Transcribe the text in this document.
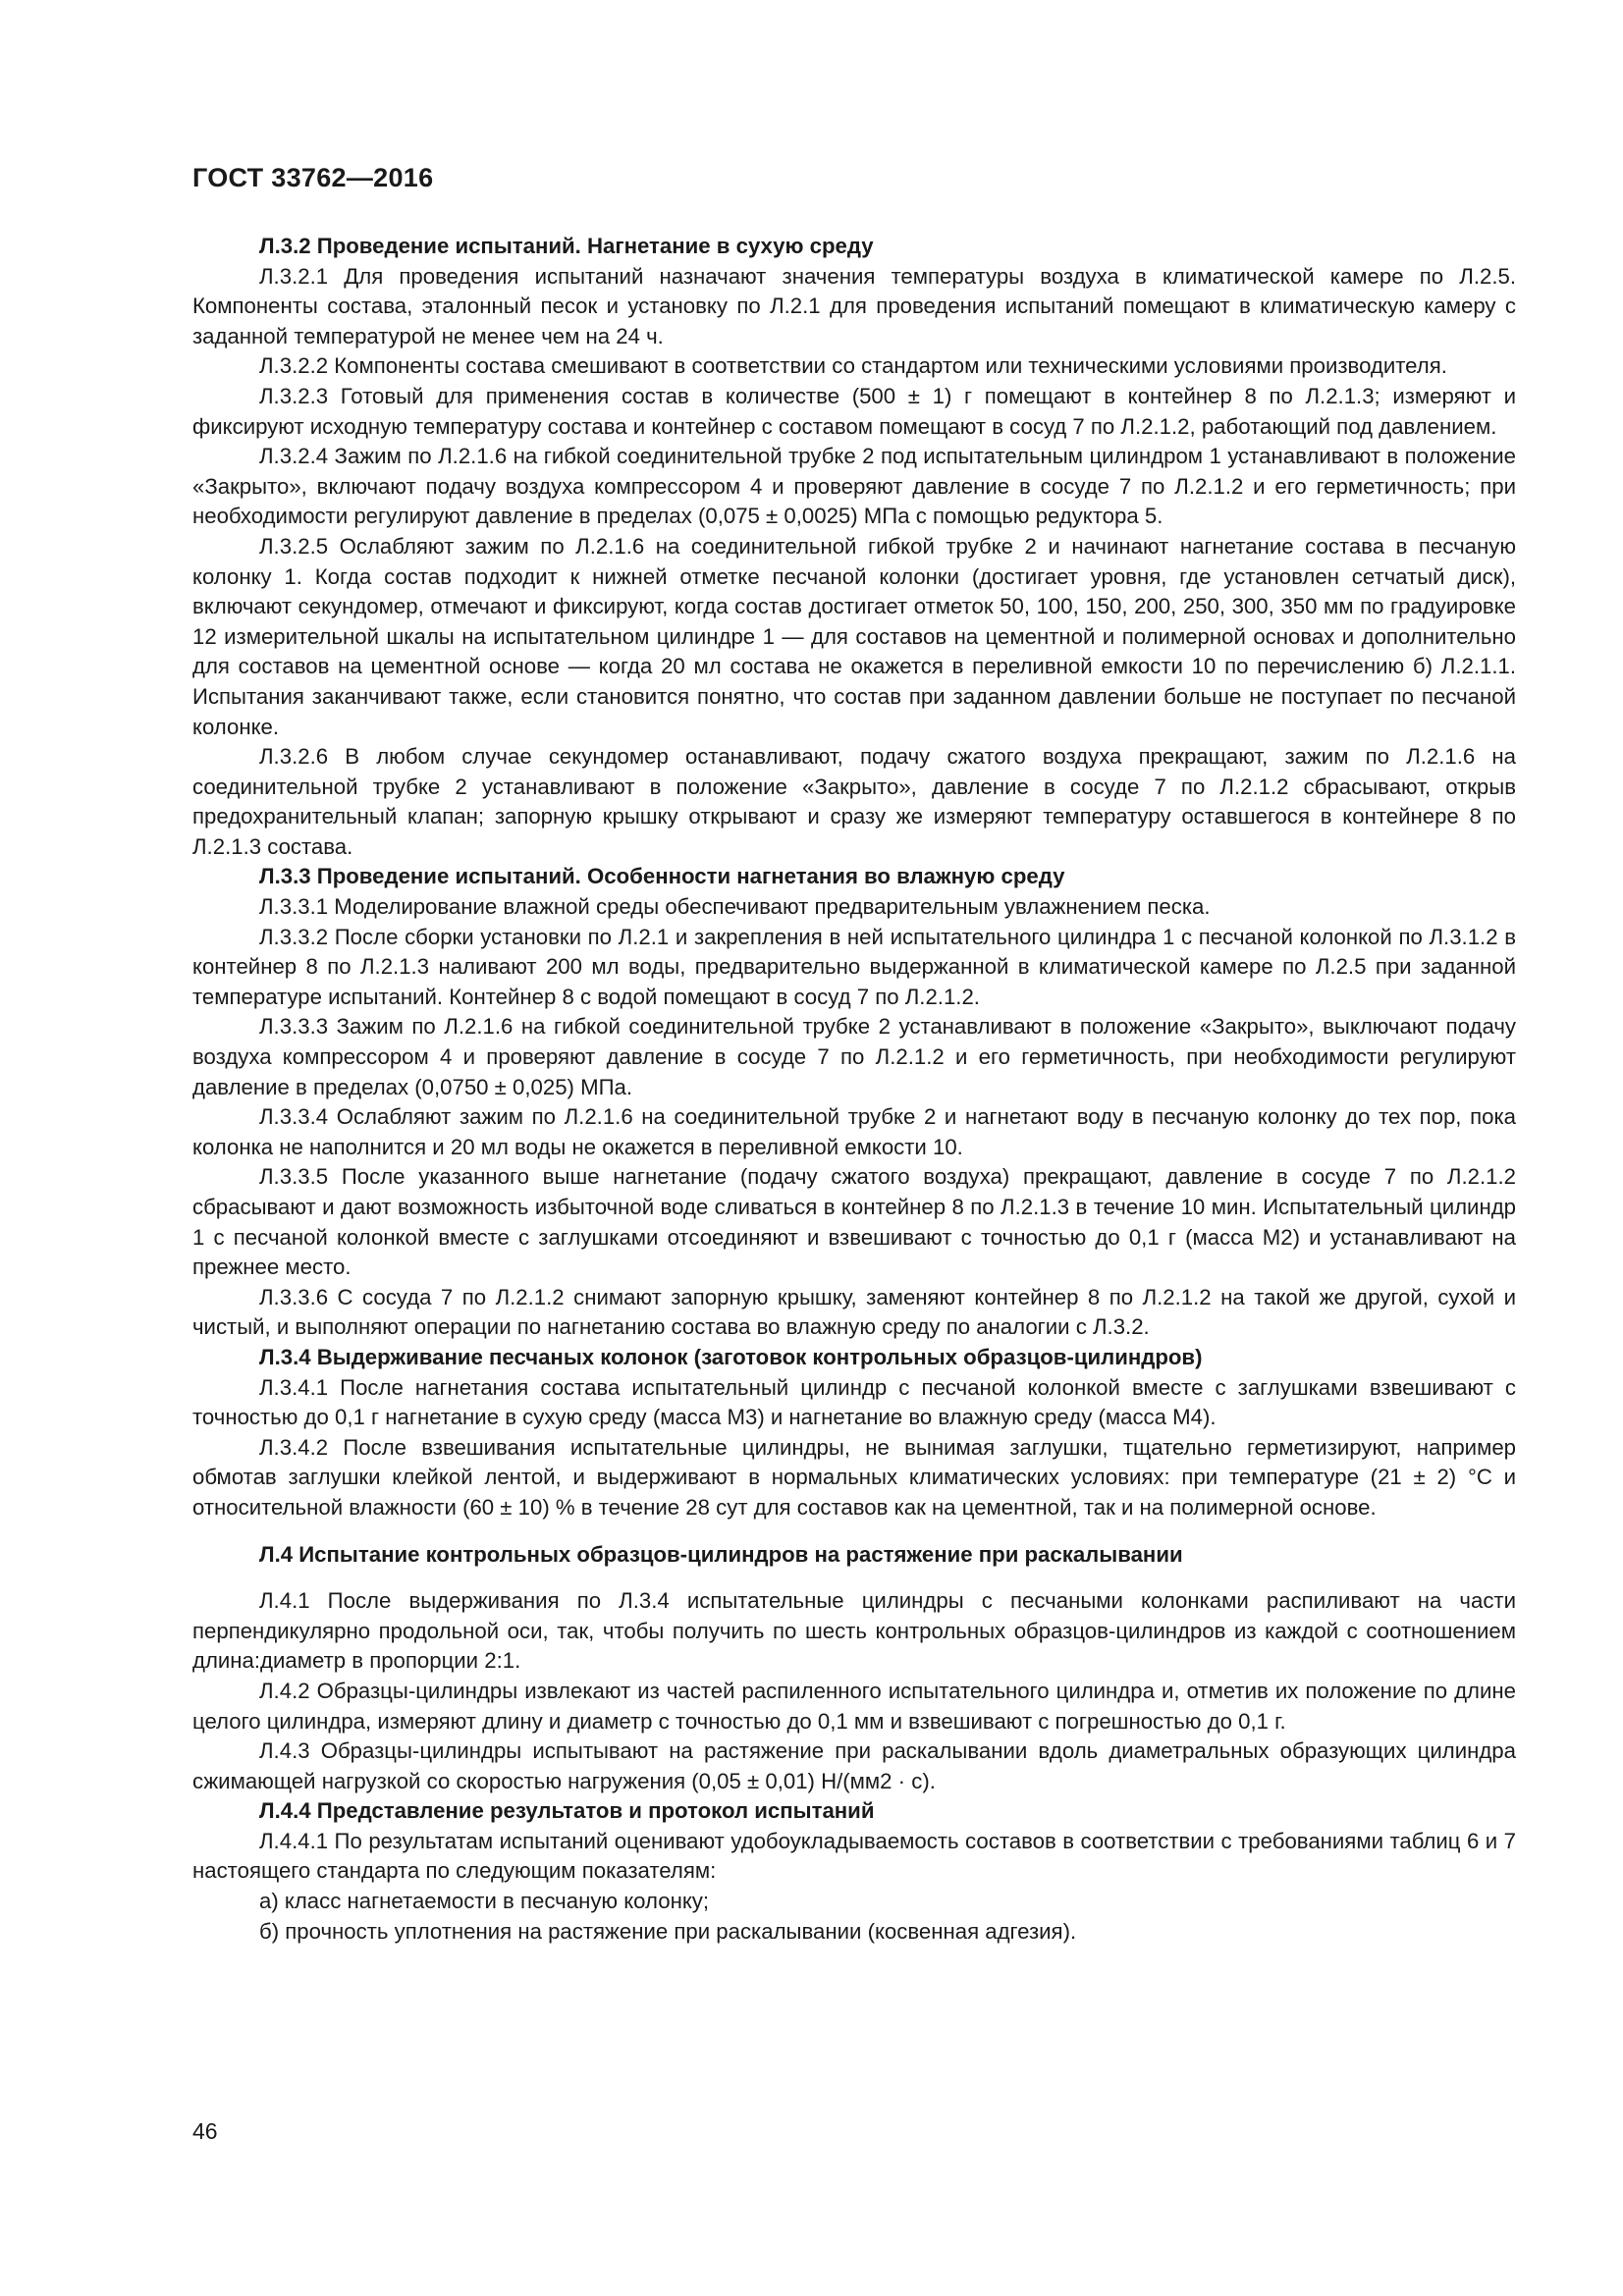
ГОСТ 33762—2016

Л.3.2 Проведение испытаний. Нагнетание в сухую среду

Л.3.2.1 Для проведения испытаний назначают значения температуры воздуха в климатической камере по Л.2.5. Компоненты состава, эталонный песок и установку по Л.2.1 для проведения испытаний помещают в климатическую камеру с заданной температурой не менее чем на 24 ч.

Л.3.2.2 Компоненты состава смешивают в соответствии со стандартом или техническими условиями производителя.

Л.3.2.3 Готовый для применения состав в количестве (500 ± 1) г помещают в контейнер 8 по Л.2.1.3; измеряют и фиксируют исходную температуру состава и контейнер с составом помещают в сосуд 7 по Л.2.1.2, работающий под давлением.

Л.3.2.4 Зажим по Л.2.1.6 на гибкой соединительной трубке 2 под испытательным цилиндром 1 устанавливают в положение «Закрыто», включают подачу воздуха компрессором 4 и проверяют давление в сосуде 7 по Л.2.1.2 и его герметичность; при необходимости регулируют давление в пределах (0,075 ± 0,0025) МПа с помощью редуктора 5.

Л.3.2.5 Ослабляют зажим по Л.2.1.6 на соединительной гибкой трубке 2 и начинают нагнетание состава в песчаную колонку 1. Когда состав подходит к нижней отметке песчаной колонки (достигает уровня, где установлен сетчатый диск), включают секундомер, отмечают и фиксируют, когда состав достигает отметок 50, 100, 150, 200, 250, 300, 350 мм по градуировке 12 измерительной шкалы на испытательном цилиндре 1 — для составов на цементной и полимерной основах и дополнительно для составов на цементной основе — когда 20 мл состава не окажется в переливной емкости 10 по перечислению б) Л.2.1.1. Испытания заканчивают также, если становится понятно, что состав при заданном давлении больше не поступает по песчаной колонке.

Л.3.2.6 В любом случае секундомер останавливают, подачу сжатого воздуха прекращают, зажим по Л.2.1.6 на соединительной трубке 2 устанавливают в положение «Закрыто», давление в сосуде 7 по Л.2.1.2 сбрасывают, открыв предохранительный клапан; запорную крышку открывают и сразу же измеряют температуру оставшегося в контейнере 8 по Л.2.1.3 состава.

Л.3.3 Проведение испытаний. Особенности нагнетания во влажную среду

Л.3.3.1 Моделирование влажной среды обеспечивают предварительным увлажнением песка.

Л.3.3.2 После сборки установки по Л.2.1 и закрепления в ней испытательного цилиндра 1 с песчаной колонкой по Л.3.1.2 в контейнер 8 по Л.2.1.3 наливают 200 мл воды, предварительно выдержанной в климатической камере по Л.2.5 при заданной температуре испытаний. Контейнер 8 с водой помещают в сосуд 7 по Л.2.1.2.

Л.3.3.3 Зажим по Л.2.1.6 на гибкой соединительной трубке 2 устанавливают в положение «Закрыто», выключают подачу воздуха компрессором 4 и проверяют давление в сосуде 7 по Л.2.1.2 и его герметичность, при необходимости регулируют давление в пределах (0,0750 ± 0,025) МПа.

Л.3.3.4 Ослабляют зажим по Л.2.1.6 на соединительной трубке 2 и нагнетают воду в песчаную колонку до тех пор, пока колонка не наполнится и 20 мл воды не окажется в переливной емкости 10.

Л.3.3.5 После указанного выше нагнетание (подачу сжатого воздуха) прекращают, давление в сосуде 7 по Л.2.1.2 сбрасывают и дают возможность избыточной воде сливаться в контейнер 8 по Л.2.1.3 в течение 10 мин. Испытательный цилиндр 1 с песчаной колонкой вместе с заглушками отсоединяют и взвешивают с точностью до 0,1 г (масса M2) и устанавливают на прежнее место.

Л.3.3.6 С сосуда 7 по Л.2.1.2 снимают запорную крышку, заменяют контейнер 8 по Л.2.1.2 на такой же другой, сухой и чистый, и выполняют операции по нагнетанию состава во влажную среду по аналогии с Л.3.2.

Л.3.4 Выдерживание песчаных колонок (заготовок контрольных образцов-цилиндров)

Л.3.4.1 После нагнетания состава испытательный цилиндр с песчаной колонкой вместе с заглушками взвешивают с точностью до 0,1 г нагнетание в сухую среду (масса M3) и нагнетание во влажную среду (масса M4).

Л.3.4.2 После взвешивания испытательные цилиндры, не вынимая заглушки, тщательно герметизируют, например обмотав заглушки клейкой лентой, и выдерживают в нормальных климатических условиях: при температуре (21 ± 2) °С и относительной влажности (60 ± 10) % в течение 28 сут для составов как на цементной, так и на полимерной основе.

Л.4 Испытание контрольных образцов-цилиндров на растяжение при раскалывании

Л.4.1 После выдерживания по Л.3.4 испытательные цилиндры с песчаными колонками распиливают на части перпендикулярно продольной оси, так, чтобы получить по шесть контрольных образцов-цилиндров из каждой с соотношением длина:диаметр в пропорции 2:1.

Л.4.2 Образцы-цилиндры извлекают из частей распиленного испытательного цилиндра и, отметив их положение по длине целого цилиндра, измеряют длину и диаметр с точностью до 0,1 мм и взвешивают с погрешностью до 0,1 г.

Л.4.3 Образцы-цилиндры испытывают на растяжение при раскалывании вдоль диаметральных образующих цилиндра сжимающей нагрузкой со скоростью нагружения (0,05 ± 0,01) Н/(мм2 · с).

Л.4.4 Представление результатов и протокол испытаний

Л.4.4.1 По результатам испытаний оценивают удобоукладываемость составов в соответствии с требованиями таблиц 6 и 7 настоящего стандарта по следующим показателям:

а) класс нагнетаемости в песчаную колонку;

б) прочность уплотнения на растяжение при раскалывании (косвенная адгезия).

46
